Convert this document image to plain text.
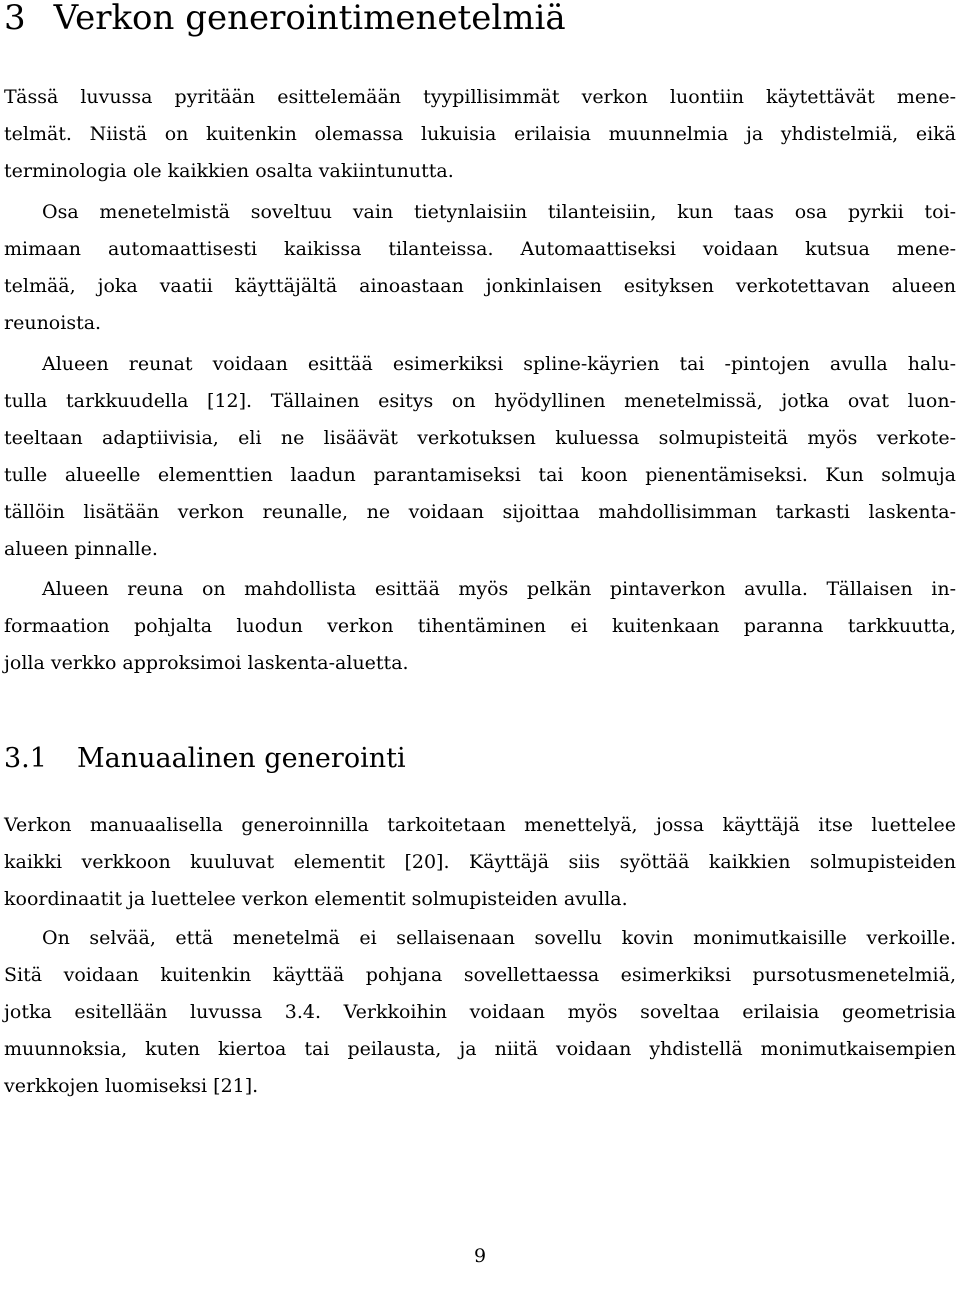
3 Verkon generointimenetelmiä
Tässä luvussa pyritään esittelemään tyypillisimmät verkon luontiin käytettävät mene-
telmät. Niistä on kuitenkin olemassa lukuisia erilaisia muunnelmia ja yhdistelmiä, eikä
terminologia ole kaikkien osalta vakiintunutta.
Osa menetelmistä soveltuu vain tietynlaisiin tilanteisiin, kun taas osa pyrkii toi-
mimaan automaattisesti kaikissa tilanteissa. Automaattiseksi voidaan kutsua mene-
telmää, joka vaatii käyttäjältä ainoastaan jonkinlaisen esityksen verkotettavan alueen
reunoista.
Alueen reunat voidaan esittää esimerkiksi spline-käyrien tai -pintojen avulla halu-
tulla tarkkuudella [12]. Tällainen esitys on hyödyllinen menetelmissä, jotka ovat luon-
teeltaan adaptiivisia, eli ne lisäävät verkotuksen kuluessa solmupisteitä myös verkote-
tulle alueelle elementtien laadun parantamiseksi tai koon pienentämiseksi. Kun solmuja
tällöin lisätään verkon reunalle, ne voidaan sijoittaa mahdollisimman tarkasti laskenta-
alueen pinnalle.
Alueen reuna on mahdollista esittää myös pelkän pintaverkon avulla. Tällaisen in-
formaation pohjalta luodun verkon tihentäminen ei kuitenkaan paranna tarkkuutta,
jolla verkko approksimoi laskenta-aluetta.
3.1 Manuaalinen generointi
Verkon manuaalisella generoinnilla tarkoitetaan menettelyä, jossa käyttäjä itse luettelee
kaikki verkkoon kuuluvat elementit [20]. Käyttäjä siis syöttää kaikkien solmupisteiden
koordinaatit ja luettelee verkon elementit solmupisteiden avulla.
On selvää, että menetelmä ei sellaisenaan sovellu kovin monimutkaisille verkoille.
Sitä voidaan kuitenkin käyttää pohjana sovellettaessa esimerkiksi pursotusmenetelmiä,
jotka esitellään luvussa 3.4. Verkkoihin voidaan myös soveltaa erilaisia geometrisia
muunnoksia, kuten kiertoa tai peilausta, ja niitä voidaan yhdistellä monimutkaisempien
verkkojen luomiseksi [21].
9
